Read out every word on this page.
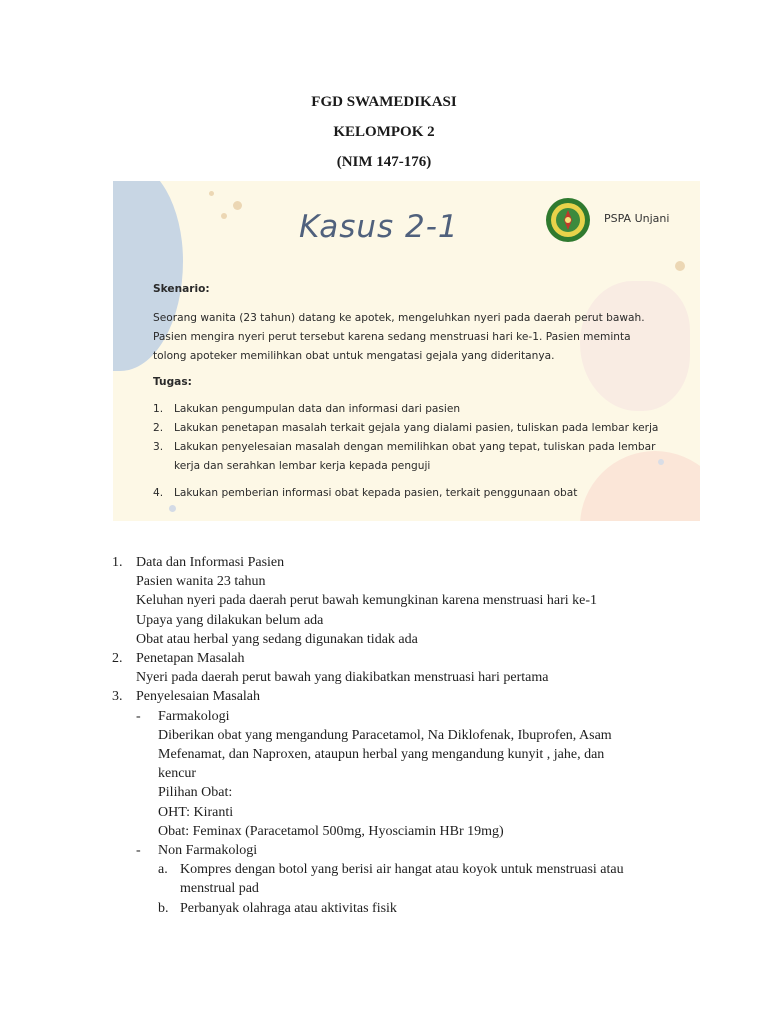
FGD SWAMEDIKASI
KELOMPOK 2
(NIM 147-176)
Kasus 2-1	PSPA Unjani

Skenario:

Seorang wanita (23 tahun) datang ke apotek, mengeluhkan nyeri pada daerah perut bawah.

Pasien mengira nyeri perut tersebut karena sedang menstruasi hari ke-1. Pasien meminta

tolong apoteker memilihkan obat untuk mengatasi gejala yang dideritanya.

Tugas:

1. Lakukan pengumpulan data dan informasi dari pasien
2. Lakukan penetapan masalah terkait gejala yang dialami pasien, tuliskan pada lembar kerja
3. Lakukan penyelesaian masalah dengan memilihkan obat yang tepat, tuliskan pada lembar
kerja dan serahkan lembar kerja kepada penguji
4. Lakukan pemberian informasi obat kepada pasien, terkait penggunaan obat
1. Data dan Informasi Pasien
Pasien wanita 23 tahun
Keluhan nyeri pada daerah perut bawah kemungkinan karena menstruasi hari ke-1
Upaya yang dilakukan belum ada
Obat atau herbal yang sedang digunakan tidak ada
2. Penetapan Masalah
Nyeri pada daerah perut bawah yang diakibatkan menstruasi hari pertama
3. Penyelesaian Masalah
- Farmakologi
Diberikan obat yang mengandung Paracetamol, Na Diklofenak, Ibuprofen, Asam
Mefenamat, dan Naproxen, ataupun herbal yang mengandung kunyit , jahe, dan
kencur
Pilihan Obat:
OHT: Kiranti
Obat: Feminax (Paracetamol 500mg, Hyosciamin HBr 19mg)
- Non Farmakologi
a. Kompres dengan botol yang berisi air hangat atau koyok untuk menstruasi atau
menstrual pad
b. Perbanyak olahraga atau aktivitas fisik
